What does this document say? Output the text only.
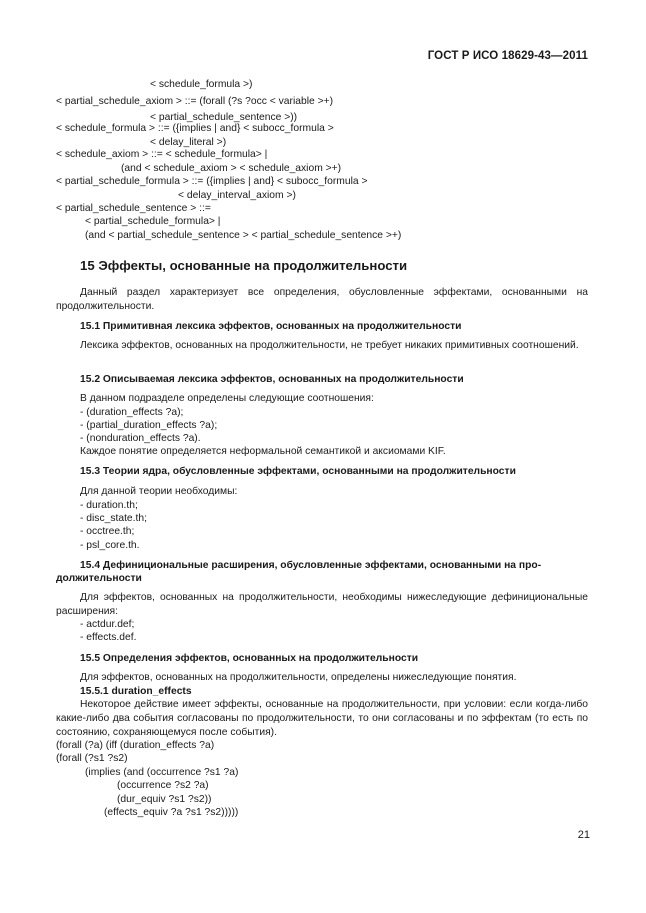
ГОСТ Р ИСО 18629-43—2011
< schedule_formula >)
< partial_schedule_axiom > ::= (forall (?s ?occ < variable >+)
< partial_schedule_sentence >))
< schedule_formula > ::= ({implies | and} < subocc_formula >
< delay_literal >)
< schedule_axiom > ::= < schedule_formula> |
(and < schedule_axiom > < schedule_axiom >+)
< partial_schedule_formula > ::= ({implies | and} < subocc_formula >
< delay_interval_axiom >)
< partial_schedule_sentence > ::=
< partial_schedule_formula> |
(and < partial_schedule_sentence > < partial_schedule_sentence >+)
15 Эффекты, основанные на продолжительности
Данный раздел характеризует все определения, обусловленные эффектами, основанными на продолжительности.
15.1 Примитивная лексика эффектов, основанных на продолжительности
Лексика эффектов, основанных на продолжительности, не требует никаких примитивных соотношений.
15.2 Описываемая лексика эффектов, основанных на продолжительности
В данном подразделе определены следующие соотношения:
- (duration_effects ?a);
- (partial_duration_effects ?a);
- (nonduration_effects ?a).
Каждое понятие определяется неформальной семантикой и аксиомами KIF.
15.3 Теории ядра, обусловленные эффектами, основанными на продолжительности
Для данной теории необходимы:
- duration.th;
- disc_state.th;
- occtree.th;
- psl_core.th.
15.4 Дефинициональные расширения, обусловленные эффектами, основанными на про-
должительности
Для эффектов, основанных на продолжительности, необходимы нижеследующие дефинициональные расширения:
- actdur.def;
- effects.def.
15.5 Определения эффектов, основанных на продолжительности
Для эффектов, основанных на продолжительности, определены нижеследующие понятия.
15.5.1 duration_effects
Некоторое действие имеет эффекты, основанные на продолжительности, при условии: если когда-либо какие-либо два события согласованы по продолжительности, то они согласованы и по эффектам (то есть по состоянию, сохраняющемуся после события).
(forall (?a) (iff (duration_effects ?a)
(forall (?s1 ?s2)
(implies (and (occurrence ?s1 ?a)
(occurrence ?s2 ?a)
(dur_equiv ?s1 ?s2))
(effects_equiv ?a ?s1 ?s2)))))
21
